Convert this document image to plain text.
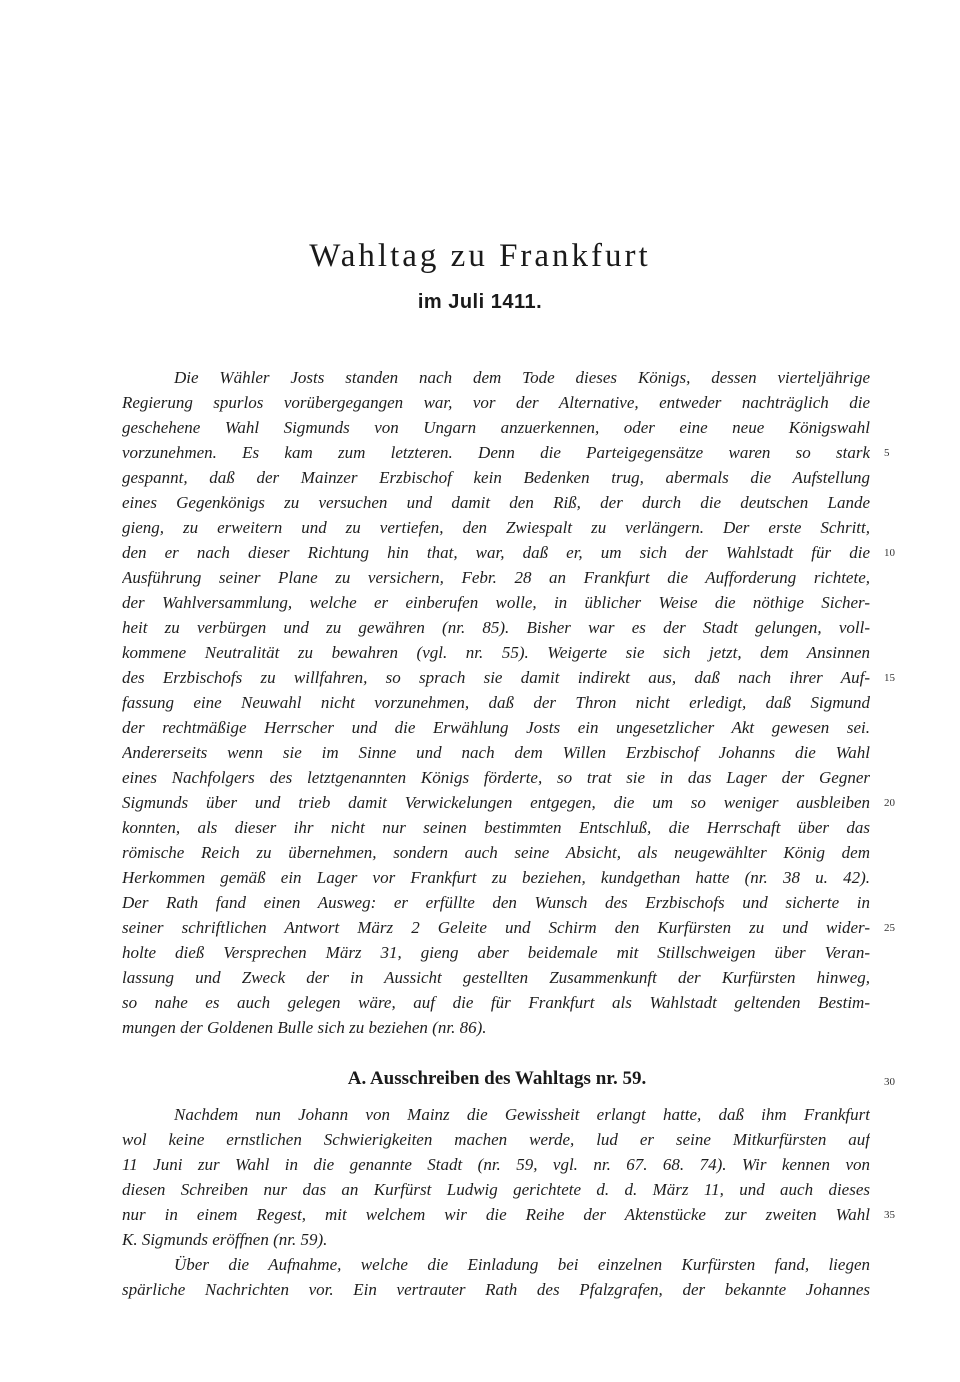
Wahltag zu Frankfurt
im Juli 1411.
Die Wähler Josts standen nach dem Tode dieses Königs, dessen vierteljährige
Regierung spurlos vorübergegangen war, vor der Alternative, entweder nachträglich die
geschehene Wahl Sigmunds von Ungarn anzuerkennen, oder eine neue Königswahl
vorzunehmen. Es kam zum letzteren. Denn die Parteigegensätze waren so stark
gespannt, daß der Mainzer Erzbischof kein Bedenken trug, abermals die Aufstellung
eines Gegenkönigs zu versuchen und damit den Riß, der durch die deutschen Lande
gieng, zu erweitern und zu vertiefen, den Zwiespalt zu verlängern. Der erste Schritt,
den er nach dieser Richtung hin that, war, daß er, um sich der Wahlstadt für die
Ausführung seiner Plane zu versichern, Febr. 28 an Frankfurt die Aufforderung richtete,
der Wahlversammlung, welche er einberufen wolle, in üblicher Weise die nöthige Sicher-
heit zu verbürgen und zu gewähren (nr. 85). Bisher war es der Stadt gelungen, voll-
kommene Neutralität zu bewahren (vgl. nr. 55). Weigerte sie sich jetzt, dem Ansinnen
des Erzbischofs zu willfahren, so sprach sie damit indirekt aus, daß nach ihrer Auf-
fassung eine Neuwahl nicht vorzunehmen, daß der Thron nicht erledigt, daß Sigmund
der rechtmäßige Herrscher und die Erwählung Josts ein ungesetzlicher Akt gewesen sei.
Andererseits wenn sie im Sinne und nach dem Willen Erzbischof Johanns die Wahl
eines Nachfolgers des letztgenannten Königs förderte, so trat sie in das Lager der Gegner
Sigmunds über und trieb damit Verwickelungen entgegen, die um so weniger ausbleiben
konnten, als dieser ihr nicht nur seinen bestimmten Entschluß, die Herrschaft über das
römische Reich zu übernehmen, sondern auch seine Absicht, als neugewählter König dem
Herkommen gemäß ein Lager vor Frankfurt zu beziehen, kundgethan hatte (nr. 38 u. 42).
Der Rath fand einen Ausweg: er erfüllte den Wunsch des Erzbischofs und sicherte in
seiner schriftlichen Antwort März 2 Geleite und Schirm den Kurfürsten zu und wider-
holte dieß Versprechen März 31, gieng aber beidemale mit Stillschweigen über Veran-
lassung und Zweck der in Aussicht gestellten Zusammenkunft der Kurfürsten hinweg,
so nahe es auch gelegen wäre, auf die für Frankfurt als Wahlstadt geltenden Bestim-
mungen der Goldenen Bulle sich zu beziehen (nr. 86).
A. Ausschreiben des Wahltags nr. 59.
Nachdem nun Johann von Mainz die Gewissheit erlangt hatte, daß ihm Frankfurt
wol keine ernstlichen Schwierigkeiten machen werde, lud er seine Mitkurfürsten auf
11 Juni zur Wahl in die genannte Stadt (nr. 59, vgl. nr. 67. 68. 74). Wir kennen von
diesen Schreiben nur das an Kurfürst Ludwig gerichtete d. d. März 11, und auch dieses
nur in einem Regest, mit welchem wir die Reihe der Aktenstücke zur zweiten Wahl
K. Sigmunds eröffnen (nr. 59).
Über die Aufnahme, welche die Einladung bei einzelnen Kurfürsten fand, liegen
spärliche Nachrichten vor. Ein vertrauter Rath des Pfalzgrafen, der bekannte Johannes
5
10
15
20
25
30
35
